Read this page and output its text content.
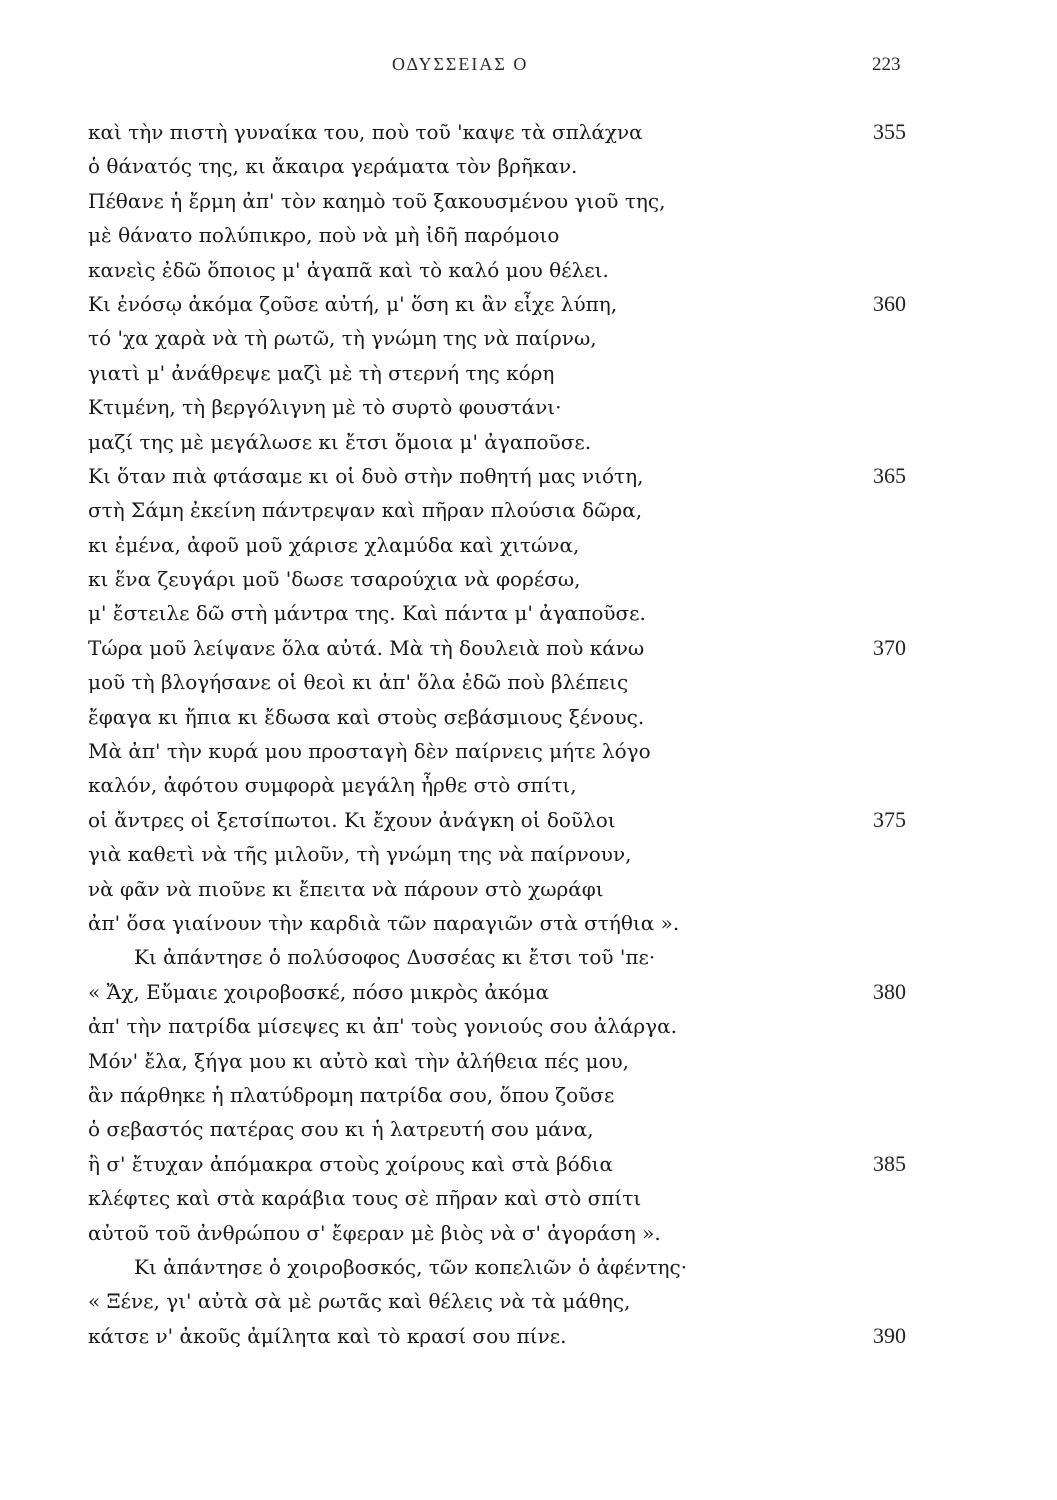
ΟΔΥΣΣΕΙΑΣ Ο	223
καὶ τὴν πιστὴ γυναίκα του, ποὺ τοῦ 'καψε τὰ σπλάχνα	355
ὁ θάνατός της, κι ἄκαιρα γεράματα τὸν βρῆκαν.
Πέθανε ἡ ἔρμη ἀπ' τὸν καημὸ τοῦ ξακουσμένου γιοῦ της,
μὲ θάνατο πολύπικρο, ποὺ νὰ μὴ ἰδῆ παρόμοιο
κανεὶς ἐδῶ ὅποιος μ' ἀγαπᾶ καὶ τὸ καλό μου θέλει.
Κι ἐνόσῳ ἀκόμα ζοῦσε αὐτή, μ' ὅση κι ἂν εἶχε λύπη,	360
τό 'χα χαρὰ νὰ τὴ ρωτῶ, τὴ γνώμη της νὰ παίρνω,
γιατὶ μ' ἀνάθρεψε μαζὶ μὲ τὴ στερνή της κόρη
Κτιμένη, τὴ βεργόλιγνη μὲ τὸ συρτὸ φουστάνι·
μαζί της μὲ μεγάλωσε κι ἔτσι ὅμοια μ' ἀγαποῦσε.
Κι ὅταν πιὰ φτάσαμε κι οἱ δυὸ στὴν ποθητή μας νιότη,	365
στὴ Σάμη ἐκείνη πάντρεψαν καὶ πῆραν πλούσια δῶρα,
κι ἐμένα, ἀφοῦ μοῦ χάρισε χλαμύδα καὶ χιτώνα,
κι ἕνα ζευγάρι μοῦ 'δωσε τσαρούχια νὰ φορέσω,
μ' ἔστειλε δῶ στὴ μάντρα της. Καὶ πάντα μ' ἀγαποῦσε.
Τώρα μοῦ λείψανε ὅλα αὐτά. Μὰ τὴ δουλειὰ ποὺ κάνω	370
μοῦ τὴ βλογήσανε οἱ θεοὶ κι ἀπ' ὅλα ἐδῶ ποὺ βλέπεις
ἔφαγα κι ἤπια κι ἔδωσα καὶ στοὺς σεβάσμιους ξένους.
Μὰ ἀπ' τὴν κυρά μου προσταγὴ δὲν παίρνεις μήτε λόγο
καλόν, ἀφότου συμφορὰ μεγάλη ἦρθε στὸ σπίτι,
οἱ ἄντρες οἱ ξετσίπωτοι. Κι ἔχουν ἀνάγκη οἱ δοῦλοι	375
γιὰ καθετὶ νὰ τῆς μιλοῦν, τὴ γνώμη της νὰ παίρνουν,
νὰ φᾶν νὰ πιοῦνε κι ἔπειτα νὰ πάρουν στὸ χωράφι
ἀπ' ὅσα γιαίνουν τὴν καρδιὰ τῶν παραγιῶν στὰ στήθια ».
Κι ἀπάντησε ὁ πολύσοφος Δυσσέας κι ἔτσι τοῦ 'πε·
« Ἄχ, Εὔμαιε χοιροβοσκέ, πόσο μικρὸς ἀκόμα	380
ἀπ' τὴν πατρίδα μίσεψες κι ἀπ' τοὺς γονιούς σου ἀλάργα.
Μόν' ἔλα, ξήγα μου κι αὐτὸ καὶ τὴν ἀλήθεια πές μου,
ἂν πάρθηκε ἡ πλατύδρομη πατρίδα σου, ὅπου ζοῦσε
ὁ σεβαστός πατέρας σου κι ἡ λατρευτή σου μάνα,
ἢ σ' ἔτυχαν ἀπόμακρα στοὺς χοίρους καὶ στὰ βόδια	385
κλέφτες καὶ στὰ καράβια τους σὲ πῆραν καὶ στὸ σπίτι
αὐτοῦ τοῦ ἀνθρώπου σ' ἔφεραν μὲ βιὸς νὰ σ' ἀγοράση ».
Κι ἀπάντησε ὁ χοιροβοσκός, τῶν κοπελιῶν ὁ ἀφέντης·
« Ξένε, γι' αὐτὰ σὰ μὲ ρωτᾶς καὶ θέλεις νὰ τὰ μάθης,
κάτσε ν' ἀκοῦς ἀμίλητα καὶ τὸ κρασί σου πίνε.	390
